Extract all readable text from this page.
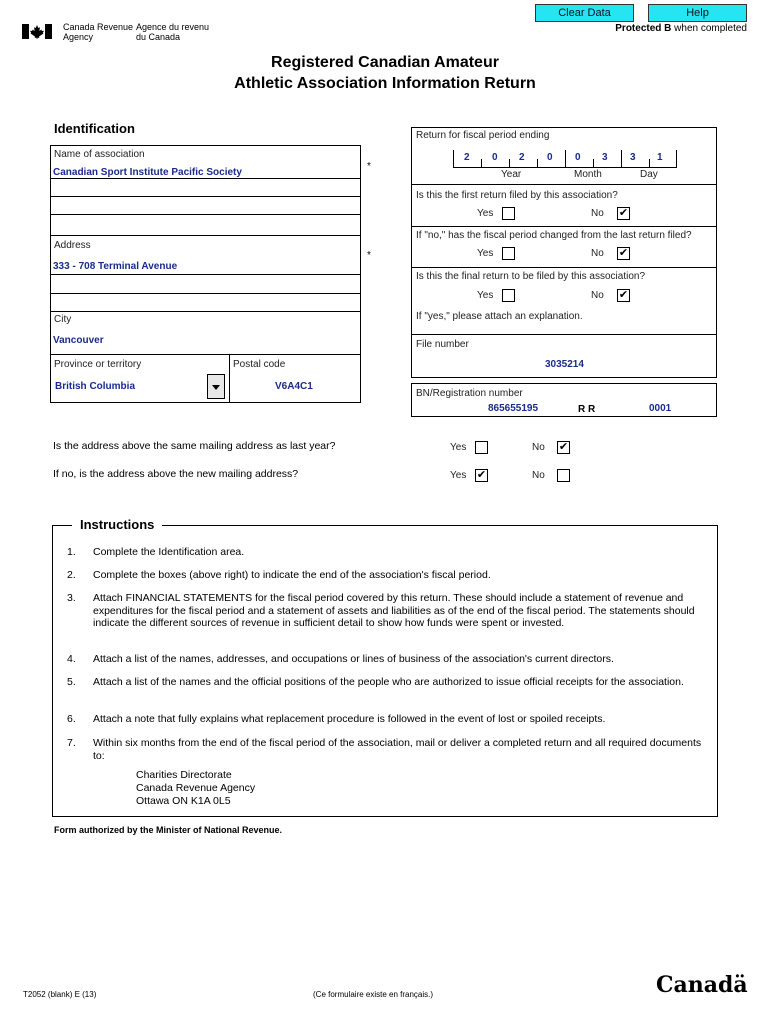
Clear Data	Help
Protected B when completed
Canada Revenue
Agency
Agence du revenu
du Canada
Registered Canadian Amateur
Athletic Association Information Return
Identification
Name of association
Canadian Sport Institute Pacific Society
*
Address
333 - 708 Terminal Avenue
*
City
Vancouver
Province or territory
British Columbia
Postal code
V6A4C1
Return for fiscal period ending
2 0 2 0 0 3 3 1
Year	Month	Day
Is this the first return filed by this association?
Yes	No ✔
If "no," has the fiscal period changed from the last return filed?
Yes	No ✔
Is this the final return to be filed by this association?
Yes	No ✔
If "yes," please attach an explanation.
File number
3035214
BN/Registration number
865655195	R R	0001
Is the address above the same mailing address as last year?	Yes	No ✔
If no, is the address above the new mailing address?	Yes ✔	No
Instructions
1. Complete the Identification area.
2. Complete the boxes (above right) to indicate the end of the association's fiscal period.
3. Attach FINANCIAL STATEMENTS for the fiscal period covered by this return. These should include a statement of revenue and expenditures for the fiscal period and a statement of assets and liabilities as of the end of the fiscal period. The statements should indicate the different sources of revenue in sufficient detail to show how funds were spent or invested.
4. Attach a list of the names, addresses, and occupations or lines of business of the association's current directors.
5. Attach a list of the names and the official positions of the people who are authorized to issue official receipts for the association.
6. Attach a note that fully explains what replacement procedure is followed in the event of lost or spoiled receipts.
7. Within six months from the end of the fiscal period of the association, mail or deliver a completed return and all required documents to:
Charities Directorate
Canada Revenue Agency
Ottawa ON K1A 0L5
Form authorized by the Minister of National Revenue.
T2052 (blank) E (13)	(Ce formulaire existe en français.)	Canadä
